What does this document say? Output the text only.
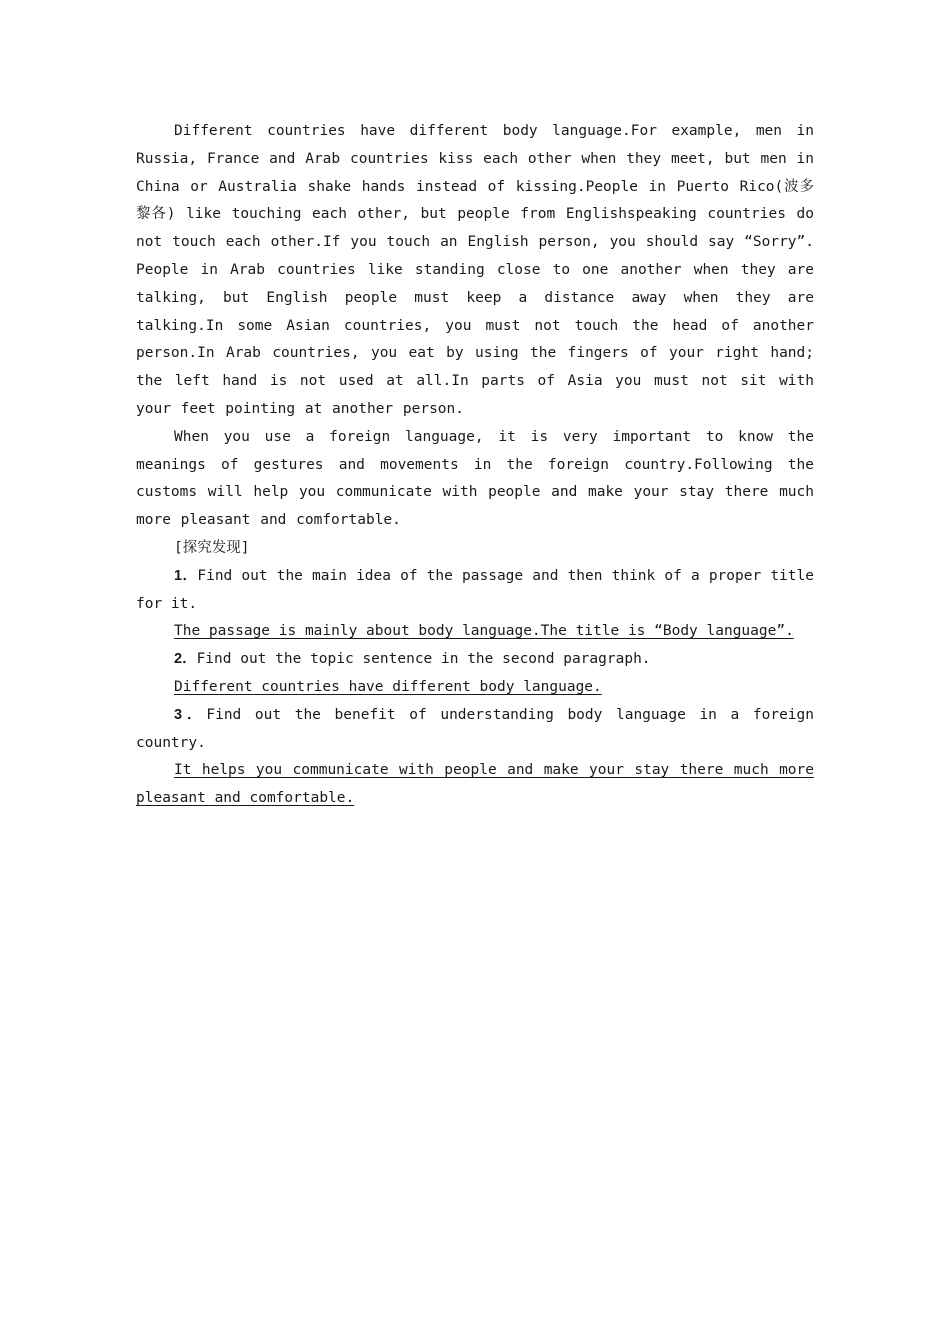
Different countries have different body language.For example, men in Russia, France and Arab countries kiss each other when they meet, but men in China or Australia shake hands instead of kissing.People in Puerto Rico(波多黎各) like touching each other, but people from Englishspeaking countries do not touch each other.If you touch an English person, you should say “Sorry”. People in Arab countries like standing close to one another when they are talking, but English people must keep a distance away when they are talking.In some Asian countries, you must not touch the head of another person.In Arab countries, you eat by using the fingers of your right hand; the left hand is not used at all.In parts of Asia you must not sit with your feet pointing at another person.

When you use a foreign language, it is very important to know the meanings of gestures and movements in the foreign country.Following the customs will help you communicate with people and make your stay there much more pleasant and comfortable.

[探究发现]

1．Find out the main idea of the passage and then think of a proper title for it.

The passage is mainly about body language.The title is “Body language”.

2．Find out the topic sentence in the second paragraph.

Different countries have different body language.

3．Find out the benefit of understanding body language in a foreign country.

It helps you communicate with people and make your stay there much more pleasant and comfortable.
